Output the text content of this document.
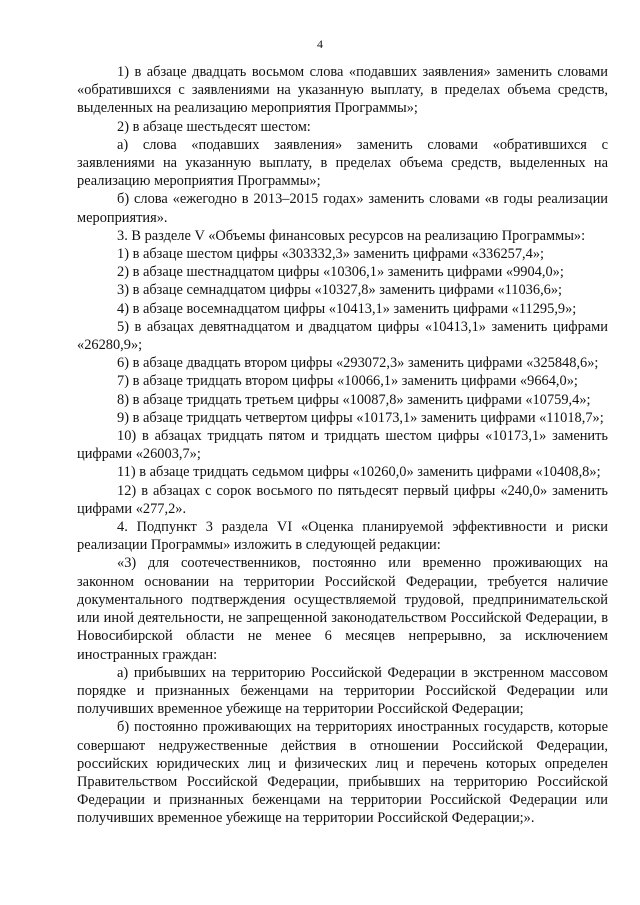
4

1) в абзаце двадцать восьмом слова «подавших заявления» заменить словами «обратившихся с заявлениями на указанную выплату, в пределах объема средств, выделенных на реализацию мероприятия Программы»;

2) в абзаце шестьдесят шестом:

а) слова «подавших заявления» заменить словами «обратившихся с заявлениями на указанную выплату, в пределах объема средств, выделенных на реализацию мероприятия Программы»;

б) слова «ежегодно в 2013–2015 годах» заменить словами «в годы реализации мероприятия».

3. В разделе V «Объемы финансовых ресурсов на реализацию Программы»:

1) в абзаце шестом цифры «303332,3» заменить цифрами «336257,4»;

2) в абзаце шестнадцатом цифры «10306,1» заменить цифрами «9904,0»;

3) в абзаце семнадцатом цифры «10327,8» заменить цифрами «11036,6»;

4) в абзаце восемнадцатом цифры «10413,1» заменить цифрами «11295,9»;

5) в абзацах девятнадцатом и двадцатом цифры «10413,1» заменить цифрами «26280,9»;

6) в абзаце двадцать втором цифры «293072,3» заменить цифрами «325848,6»;

7) в абзаце тридцать втором цифры «10066,1» заменить цифрами «9664,0»;

8) в абзаце тридцать третьем цифры «10087,8» заменить цифрами «10759,4»;

9) в абзаце тридцать четвертом цифры «10173,1» заменить цифрами «11018,7»;

10) в абзацах тридцать пятом и тридцать шестом цифры «10173,1» заменить цифрами «26003,7»;

11) в абзаце тридцать седьмом цифры «10260,0» заменить цифрами «10408,8»;

12) в абзацах с сорок восьмого по пятьдесят первый цифры «240,0» заменить цифрами «277,2».

4. Подпункт 3 раздела VI «Оценка планируемой эффективности и риски реализации Программы» изложить в следующей редакции:

«3) для соотечественников, постоянно или временно проживающих на законном основании на территории Российской Федерации, требуется наличие документального подтверждения осуществляемой трудовой, предпринимательской или иной деятельности, не запрещенной законодательством Российской Федерации, в Новосибирской области не менее 6 месяцев непрерывно, за исключением иностранных граждан:

а) прибывших на территорию Российской Федерации в экстренном массовом порядке и признанных беженцами на территории Российской Федерации или получивших временное убежище на территории Российской Федерации;

б) постоянно проживающих на территориях иностранных государств, которые совершают недружественные действия в отношении Российской Федерации, российских юридических лиц и физических лиц и перечень которых определен Правительством Российской Федерации, прибывших на территорию Российской Федерации и признанных беженцами на территории Российской Федерации или получивших временное убежище на территории Российской Федерации;».
